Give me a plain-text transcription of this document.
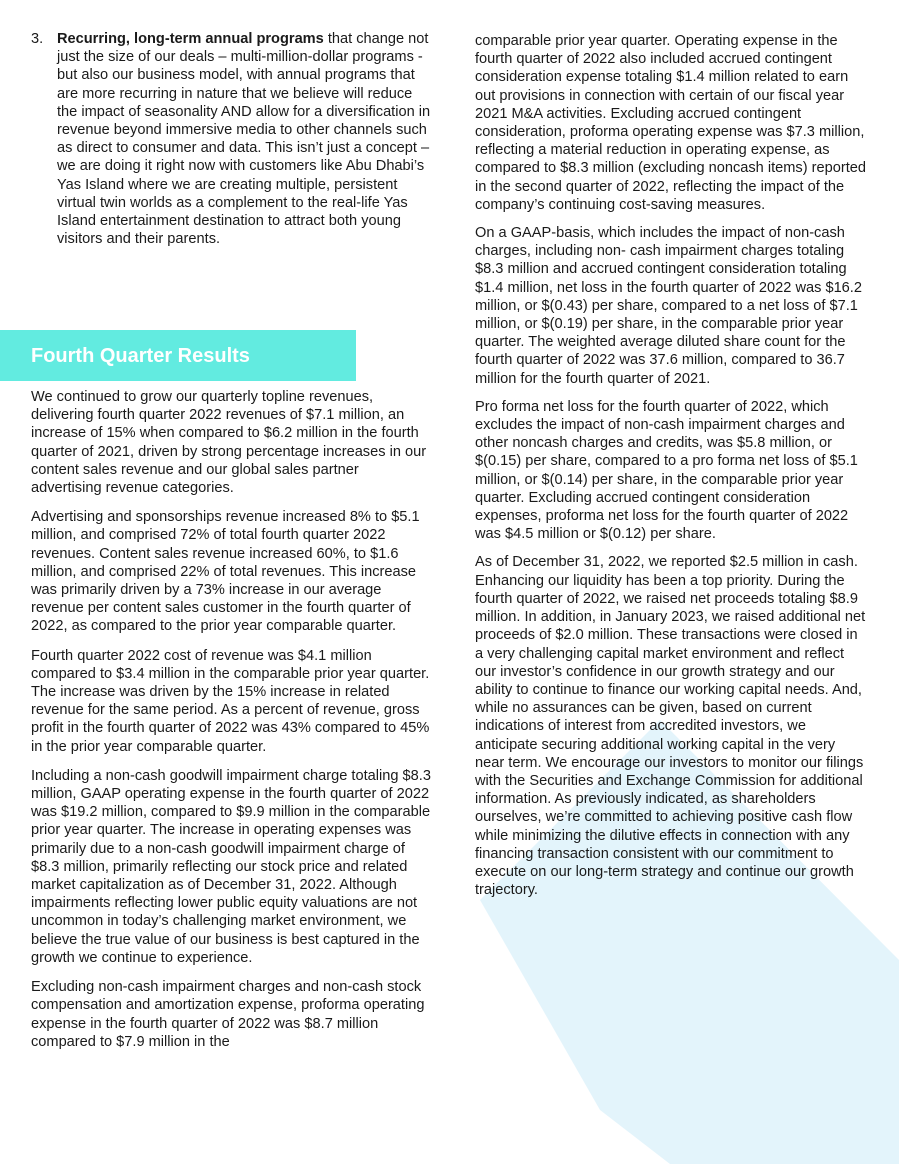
3. Recurring, long-term annual programs that change not just the size of our deals – multi-million-dollar programs - but also our business model, with annual programs that are more recurring in nature that we believe will reduce the impact of seasonality AND allow for a diversification in revenue beyond immersive media to other channels such as direct to consumer and data. This isn’t just a concept – we are doing it right now with customers like Abu Dhabi’s Yas Island where we are creating multiple, persistent virtual twin worlds as a complement to the real-life Yas Island entertainment destination to attract both young visitors and their parents.
Fourth Quarter Results

We continued to grow our quarterly topline revenues, delivering fourth quarter 2022 revenues of $7.1 million, an increase of 15% when compared to $6.2 million in the fourth quarter of 2021, driven by strong percentage increases in our content sales revenue and our global sales partner advertising revenue categories.

Advertising and sponsorships revenue increased 8% to $5.1 million, and comprised 72% of total fourth quarter 2022 revenues. Content sales revenue increased 60%, to $1.6 million, and comprised 22% of total revenues. This increase was primarily driven by a 73% increase in our average revenue per content sales customer in the fourth quarter of 2022, as compared to the prior year comparable quarter.

Fourth quarter 2022 cost of revenue was $4.1 million compared to $3.4 million in the comparable prior year quarter. The increase was driven by the 15% increase in related revenue for the same period. As a percent of revenue, gross profit in the fourth quarter of 2022 was 43% compared to 45% in the prior year comparable quarter.

Including a non-cash goodwill impairment charge totaling $8.3 million, GAAP operating expense in the fourth quarter of 2022 was $19.2 million, compared to $9.9 million in the comparable prior year quarter. The increase in operating expenses was primarily due to a non-cash goodwill impairment charge of $8.3 million, primarily reflecting our stock price and related market capitalization as of December 31, 2022. Although impairments reflecting lower public equity valuations are not uncommon in today’s challenging market environment, we believe the true value of our business is best captured in the growth we continue to experience.

Excluding non-cash impairment charges and non-cash stock compensation and amortization expense, proforma operating expense in the fourth quarter of 2022 was $8.7 million compared to $7.9 million in the

comparable prior year quarter. Operating expense in the fourth quarter of 2022 also included accrued contingent consideration expense totaling $1.4 million related to earn out provisions in connection with certain of our fiscal year 2021 M&A activities. Excluding accrued contingent consideration, proforma operating expense was $7.3 million, reflecting a material reduction in operating expense, as compared to $8.3 million (excluding noncash items) reported in the second quarter of 2022, reflecting the impact of the company’s continuing cost-saving measures.

On a GAAP-basis, which includes the impact of non-cash charges, including non- cash impairment charges totaling $8.3 million and accrued contingent consideration totaling $1.4 million, net loss in the fourth quarter of 2022 was $16.2 million, or $(0.43) per share, compared to a net loss of $7.1 million, or $(0.19) per share, in the comparable prior year quarter. The weighted average diluted share count for the fourth quarter of 2022 was 37.6 million, compared to 36.7 million for the fourth quarter of 2021.

Pro forma net loss for the fourth quarter of 2022, which excludes the impact of non-cash impairment charges and other noncash charges and credits, was $5.8 million, or $(0.15) per share, compared to a pro forma net loss of $5.1 million, or $(0.14) per share, in the comparable prior year quarter. Excluding accrued contingent consideration expenses, proforma net loss for the fourth quarter of 2022 was $4.5 million or $(0.12) per share.

As of December 31, 2022, we reported $2.5 million in cash. Enhancing our liquidity has been a top priority. During the fourth quarter of 2022, we raised net proceeds totaling $8.9 million. In addition, in January 2023, we raised additional net proceeds of $2.0 million. These transactions were closed in a very challenging capital market environment and reflect our investor’s confidence in our growth strategy and our ability to continue to finance our working capital needs. And, while no assurances can be given, based on current indications of interest from accredited investors, we anticipate securing additional working capital in the very near term. We encourage our investors to monitor our filings with the Securities and Exchange Commission for additional information. As previously indicated, as shareholders ourselves, we’re committed to achieving positive cash flow while minimizing the dilutive effects in connection with any financing transaction consistent with our commitment to execute on our long-term strategy and continue our growth trajectory.
